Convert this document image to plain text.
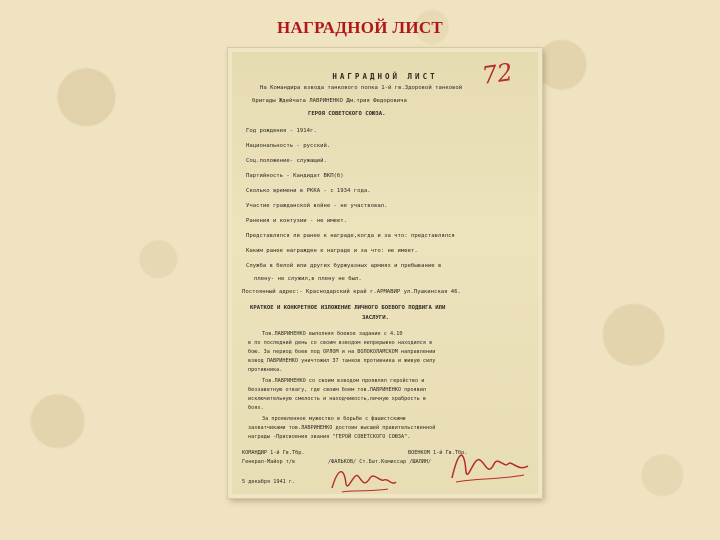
НАГРАДНОЙ ЛИСТ
72
НАГРАДНОЙ ЛИСТ
На Командира взвода танкового полка 1-й гв.Здоровой танковой
бригады Ждейчата ЛАВРИНЕНКО Дм.трия Федоровича
ГЕРОЯ СОВЕТСКОГО СОЮЗА.
Год рождения - 1914г.
Национальность - русский.
Соц.положение- служащий.
Партийность - Кандидат ВКП(б)
Сколько времени в РККА - с 1934 года.
Участие гражданской войне - не участвовал.
Ранения и контузии - не имеет.
Представлялся ли ранее к награде,когда и за что: представлялся
Каким ранее награжден к награде и за что: не имеет.
Служба в белой или других буржуазных армиях и пребывание в
плену- не служил,в плену не был.
Постоянный адрес:- Краснодарский край г.АРМАВИР ул.Пушкинская 46.
КРАТКОЕ И КОНКРЕТНОЕ ИЗЛОЖЕНИЕ ЛИЧНОГО БОЕВОГО ПОДВИГА ИЛИ
ЗАСЛУГИ.
Тов.ЛАВРИНЕНКО выполняя боевое задание с 4.10
в по последний день со своим взводом непрерывно находился в
бою. За период боев под ОРЛОМ и на ВОЛОКОЛАМСКОМ направлении
взвод ЛАВРИНЕНКО уничтожил 37 танков противника и живую силу
противника.
Тов.ЛАВРИНЕНКО со своим взводом проявлял геройство и
беззаветную отвагу, где своим боем тов.ЛАВРИНЕНКО проявил
исключительную смелость и находчивость,личную храбрость в
боях.
За проявленное мужество в борьбе с фашистскими
захватчиками тов.ЛАВРИНЕНКО достоин высшей правительственной
награды -Присвоения звания "ГЕРОЙ СОВЕТСКОГО СОЮЗА".
КОМАНДИР 1-й Гв.Тбр.
Генерал-Майор т/в
5 декабря 1941 г.
ВОЕНКОМ 1-й Гв.Тбр.
/ФАЛЬКОВ/ Ст.Бат.Комиссар /ШАЛИН/
